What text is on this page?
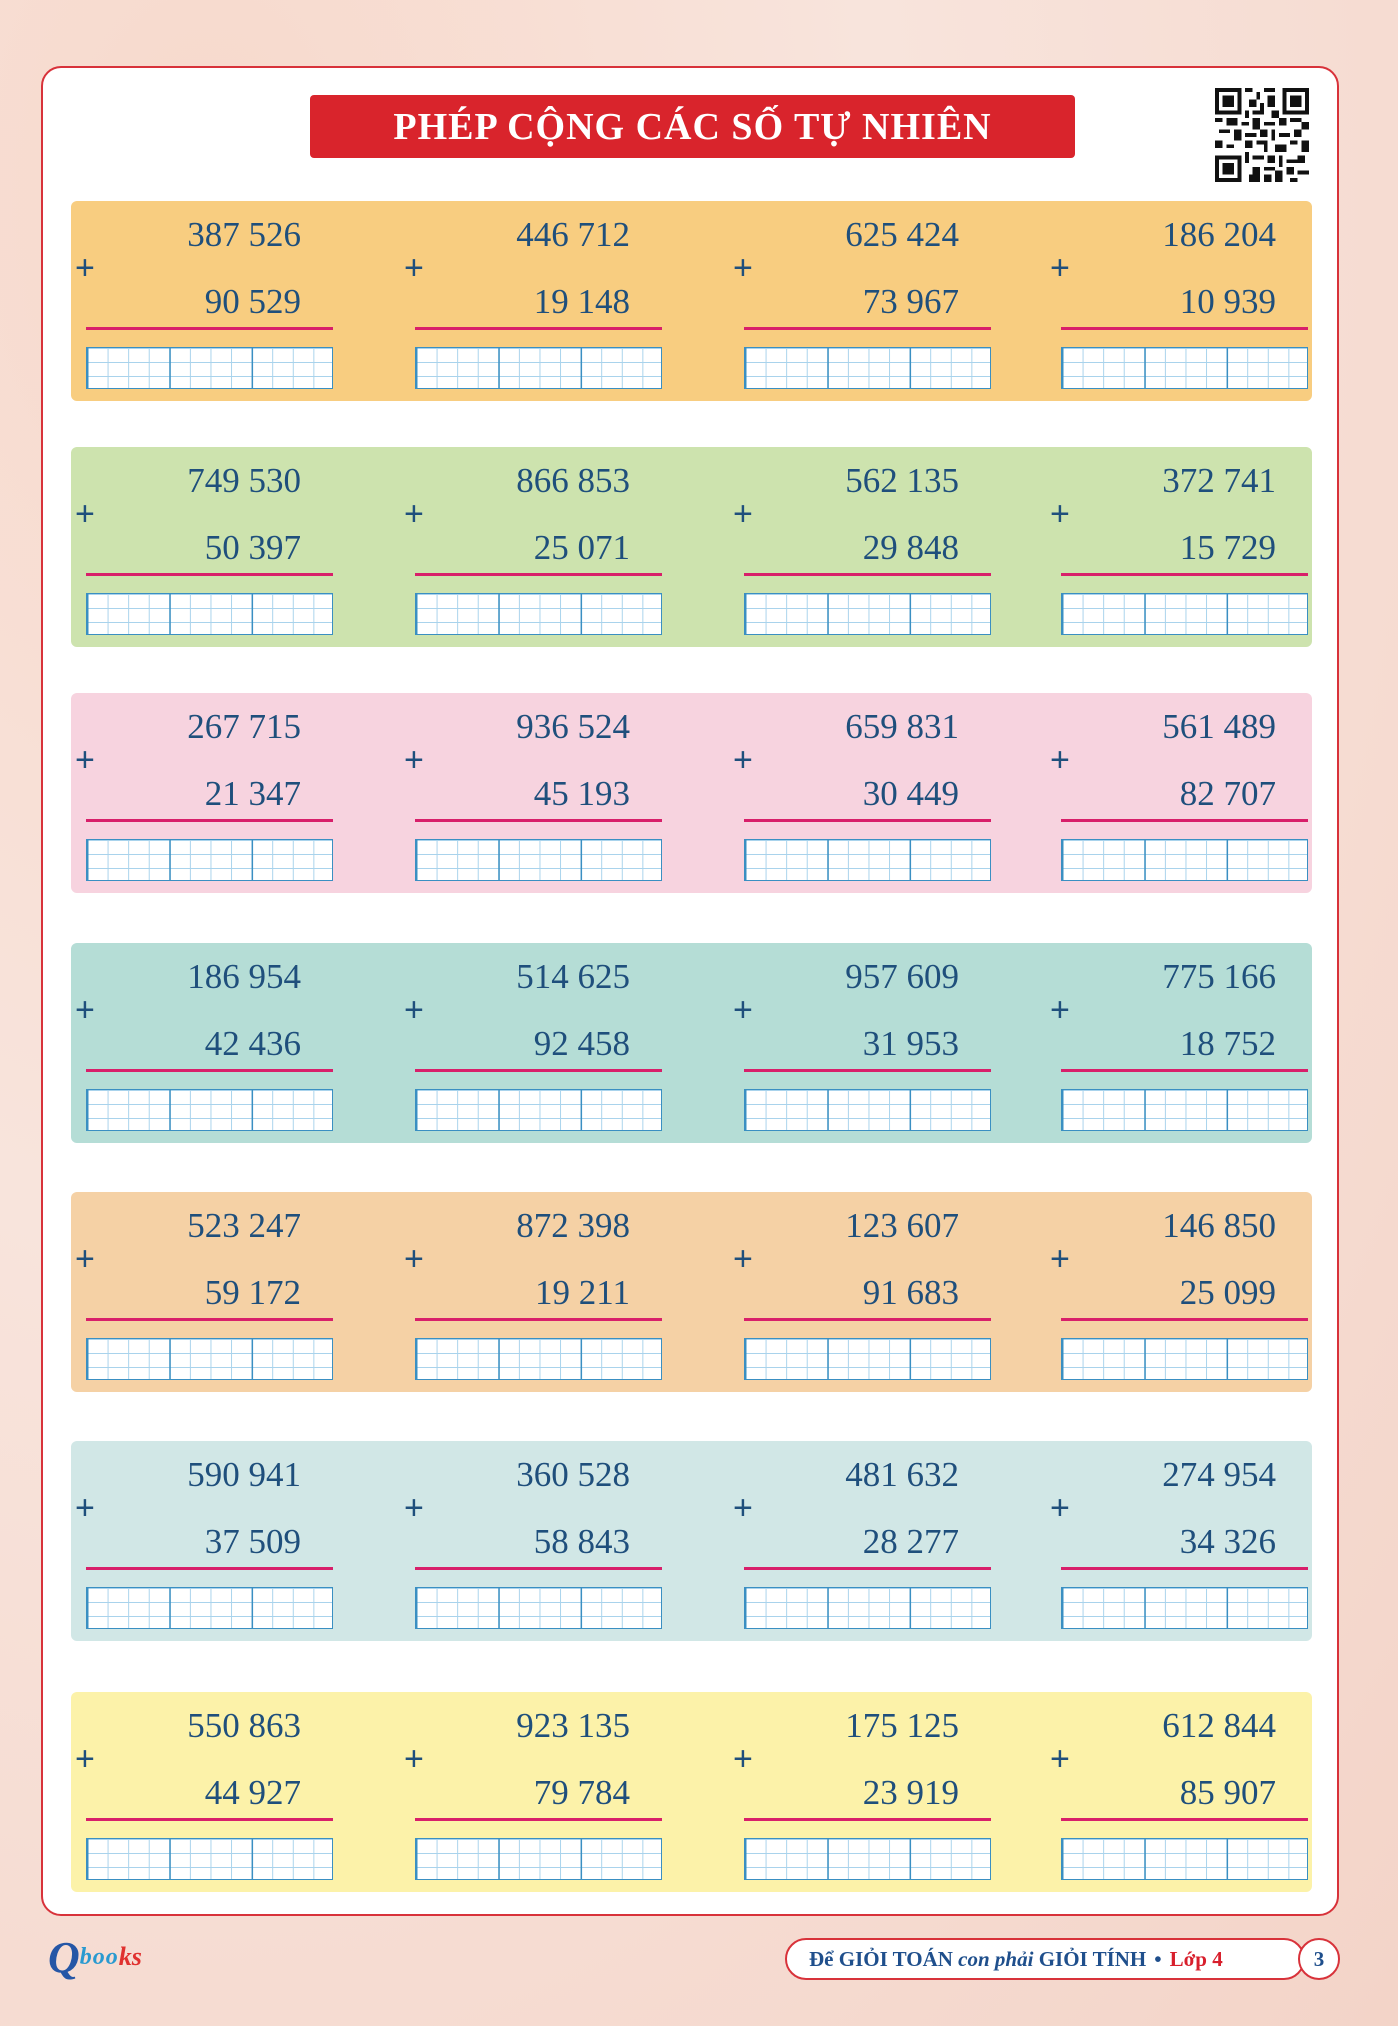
PHÉP CỘNG CÁC SỐ TỰ NHIÊN
387 526
+
90 529
446 712
+
19 148
625 424
+
73 967
186 204
+
10 939
749 530
+
50 397
866 853
+
25 071
562 135
+
29 848
372 741
+
15 729
267 715
+
21 347
936 524
+
45 193
659 831
+
30 449
561 489
+
82 707
186 954
+
42 436
514 625
+
92 458
957 609
+
31 953
775 166
+
18 752
523 247
+
59 172
872 398
+
19 211
123 607
+
91 683
146 850
+
25 099
590 941
+
37 509
360 528
+
58 843
481 632
+
28 277
274 954
+
34 326
550 863
+
44 927
923 135
+
79 784
175 125
+
23 919
612 844
+
85 907
Q boo ks	Để GIỎI TOÁN
con phải
GIỎI TÍNH • Lớp 4	3
